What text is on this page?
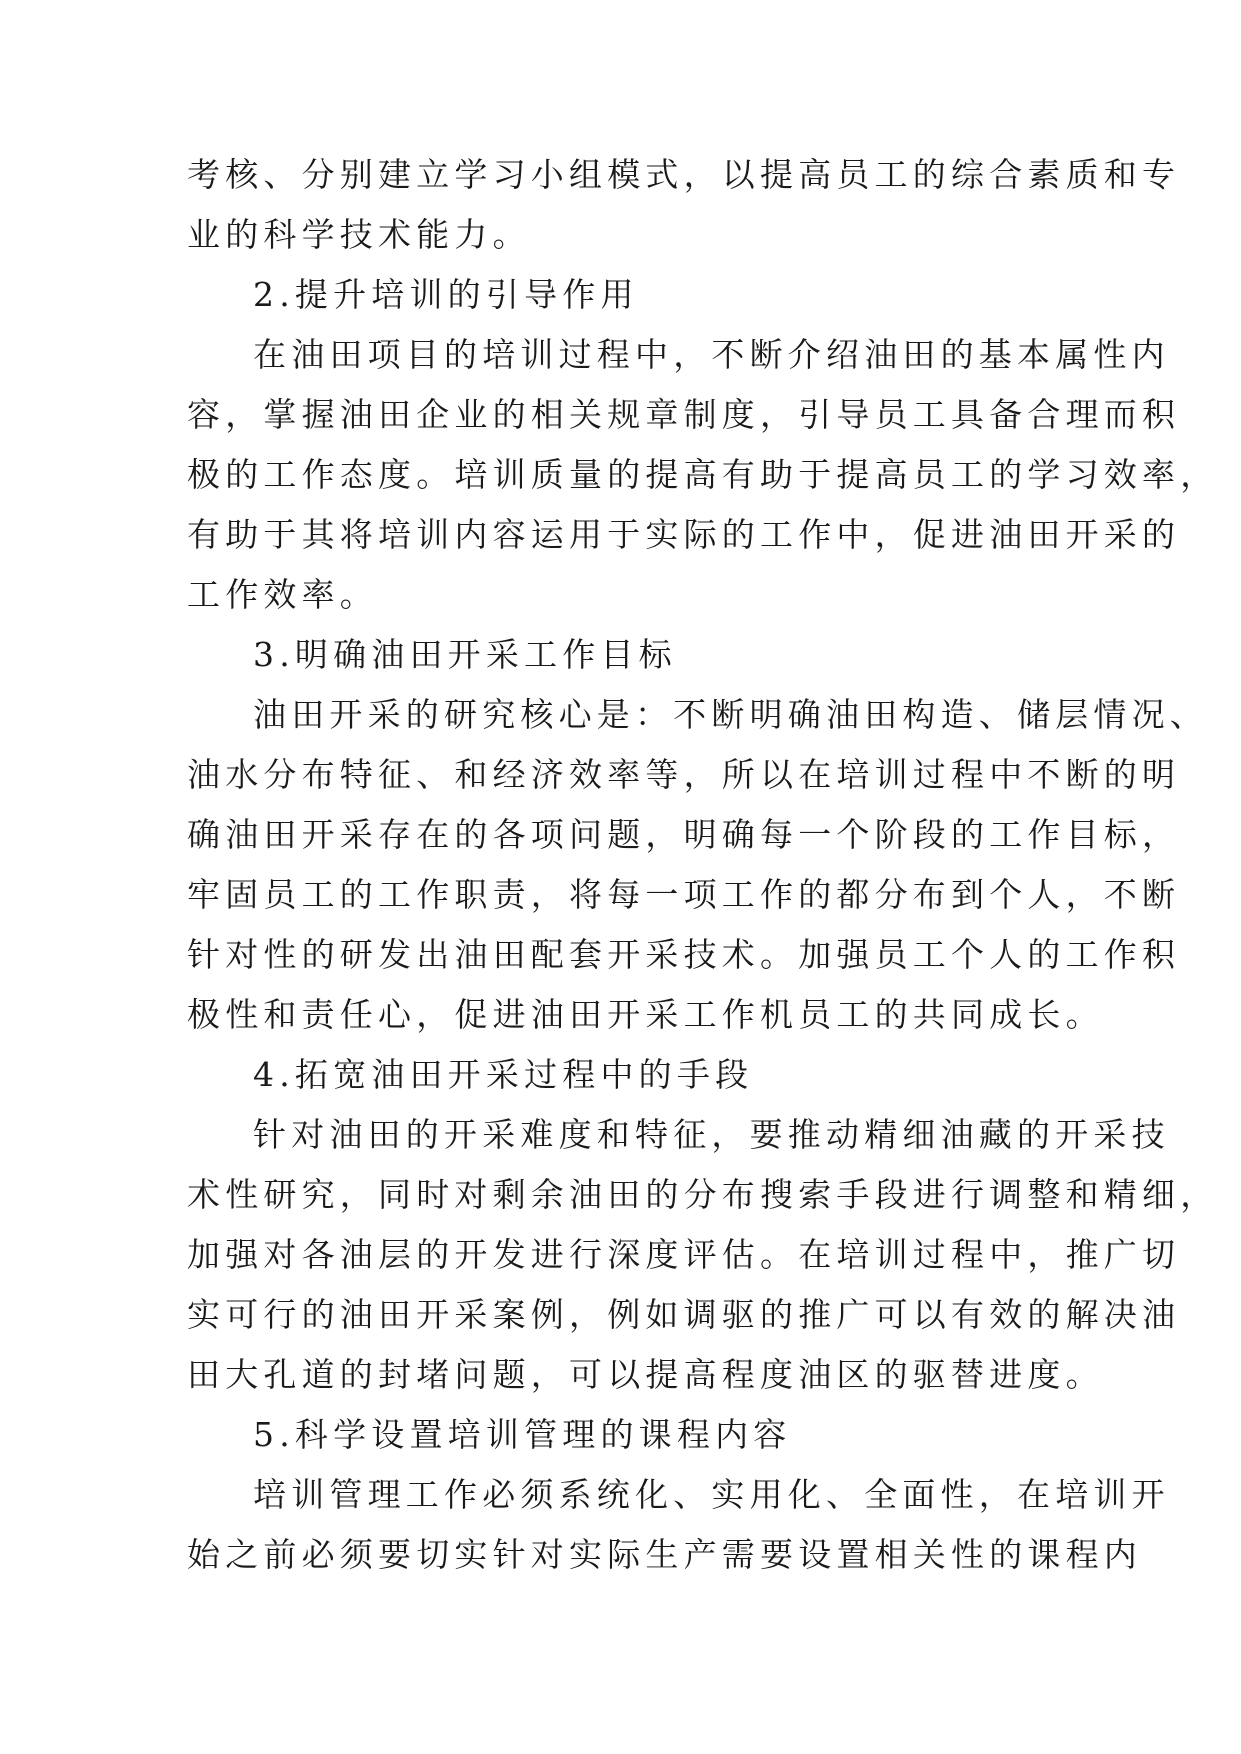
考核、分别建立学习小组模式，以提高员工的综合素质和专
业的科学技术能力。
2.提升培训的引导作用
在油田项目的培训过程中，不断介绍油田的基本属性内
容，掌握油田企业的相关规章制度，引导员工具备合理而积
极的工作态度。培训质量的提高有助于提高员工的学习效率，
有助于其将培训内容运用于实际的工作中，促进油田开采的
工作效率。
3.明确油田开采工作目标
油田开采的研究核心是：不断明确油田构造、储层情况、
油水分布特征、和经济效率等，所以在培训过程中不断的明
确油田开采存在的各项问题，明确每一个阶段的工作目标，
牢固员工的工作职责，将每一项工作的都分布到个人，不断
针对性的研发出油田配套开采技术。加强员工个人的工作积
极性和责任心，促进油田开采工作机员工的共同成长。
4.拓宽油田开采过程中的手段
针对油田的开采难度和特征，要推动精细油藏的开采技
术性研究，同时对剩余油田的分布搜索手段进行调整和精细，
加强对各油层的开发进行深度评估。在培训过程中，推广切
实可行的油田开采案例，例如调驱的推广可以有效的解决油
田大孔道的封堵问题，可以提高程度油区的驱替进度。
5.科学设置培训管理的课程内容
培训管理工作必须系统化、实用化、全面性，在培训开
始之前必须要切实针对实际生产需要设置相关性的课程内
